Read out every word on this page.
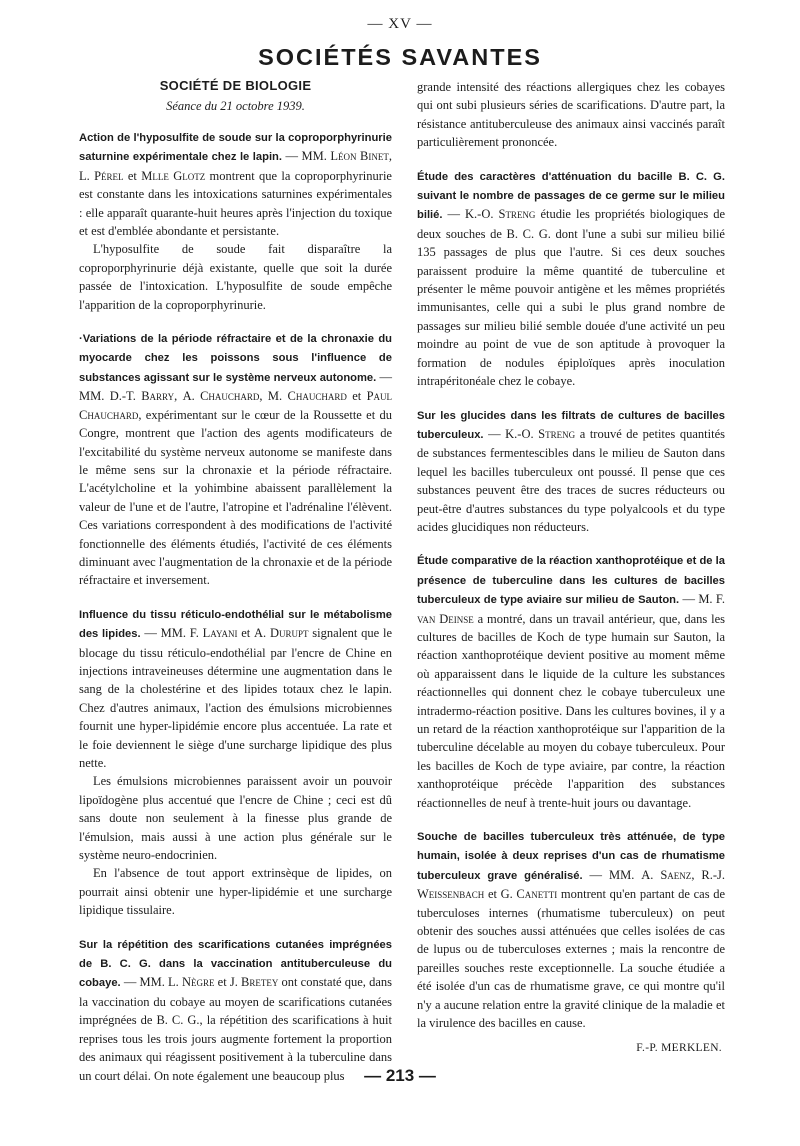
— XV —
SOCIÉTÉS SAVANTES
SOCIÉTÉ DE BIOLOGIE
Séance du 21 octobre 1939.

Action de l'hyposulfite de soude sur la coproporphyrinurie saturnine expérimentale chez le lapin. — MM. Léon Binet, L. Pérel et Mlle Glotz montrent que la coproporphyrinurie est constante dans les intoxications saturnines expérimentales : elle apparaît quarante-huit heures après l'injection du toxique et est d'emblée abondante et persistante.

L'hyposulfite de soude fait disparaître la coproporphyrinurie déjà existante, quelle que soit la durée passée de l'intoxication. L'hyposulfite de soude empêche l'apparition de la coproporphyrinurie.

·Variations de la période réfractaire et de la chronaxie du myocarde chez les poissons sous l'influence de substances agissant sur le système nerveux autonome. — MM. D.-T. Barry, A. Chauchard, M. Chauchard et Paul Chauchard, expérimentant sur le cœur de la Roussette et du Congre, montrent que l'action des agents modificateurs de l'excitabilité du système nerveux autonome se manifeste dans le même sens sur la chronaxie et la période réfractaire. L'acétylcholine et la yohimbine abaissent parallèlement la valeur de l'une et de l'autre, l'atropine et l'adrénaline l'élèvent. Ces variations correspondent à des modifications de l'activité fonctionnelle des éléments étudiés, l'activité de ces éléments diminuant avec l'augmentation de la chronaxie et de la période réfractaire et inversement.

Influence du tissu réticulo-endothélial sur le métabolisme des lipides. — MM. F. Layani et A. Durupt signalent que le blocage du tissu réticulo-endothélial par l'encre de Chine en injections intraveineuses détermine une augmentation dans le sang de la cholestérine et des lipides totaux chez le lapin. Chez d'autres animaux, l'action des émulsions microbiennes fournit une hyper-lipidémie encore plus accentuée. La rate et le foie deviennent le siège d'une surcharge lipidique des plus nette.

Les émulsions microbiennes paraissent avoir un pouvoir lipoïdogène plus accentué que l'encre de Chine ; ceci est dû sans doute non seulement à la finesse plus grande de l'émulsion, mais aussi à une action plus générale sur le système neuro-endocrinien.

En l'absence de tout apport extrinsèque de lipides, on pourrait ainsi obtenir une hyper-lipidémie et une surcharge lipidique tissulaire.

Sur la répétition des scarifications cutanées imprégnées de B. C. G. dans la vaccination antituberculeuse du cobaye. — MM. L. Nègre et J. Bretey ont constaté que, dans la vaccination du cobaye au moyen de scarifications cutanées imprégnées de B. C. G., la répétition des scarifications à huit reprises tous les trois jours augmente fortement la proportion des animaux qui réagissent positivement à la tuberculine dans un court délai. On note également une beaucoup plus

grande intensité des réactions allergiques chez les cobayes qui ont subi plusieurs séries de scarifications. D'autre part, la résistance antituberculeuse des animaux ainsi vaccinés paraît particulièrement prononcée.

Étude des caractères d'atténuation du bacille B. C. G. suivant le nombre de passages de ce germe sur le milieu bilié. — K.-O. Streng étudie les propriétés biologiques de deux souches de B. C. G. dont l'une a subi sur milieu bilié 135 passages de plus que l'autre. Si ces deux souches paraissent produire la même quantité de tuberculine et présenter le même pouvoir antigène et les mêmes propriétés immunisantes, celle qui a subi le plus grand nombre de passages sur milieu bilié semble douée d'une activité un peu moindre au point de vue de son aptitude à provoquer la formation de nodules épiploïques après inoculation intrapéritonéale chez le cobaye.

Sur les glucides dans les filtrats de cultures de bacilles tuberculeux. — K.-O. Streng a trouvé de petites quantités de substances fermentescibles dans le milieu de Sauton dans lequel les bacilles tuberculeux ont poussé. Il pense que ces substances peuvent être des traces de sucres réducteurs ou peut-être d'autres substances du type polyalcools et du type acides glucidiques non réducteurs.

Étude comparative de la réaction xanthoprotéique et de la présence de tuberculine dans les cultures de bacilles tuberculeux de type aviaire sur milieu de Sauton. — M. F. van Deinse a montré, dans un travail antérieur, que, dans les cultures de bacilles de Koch de type humain sur Sauton, la réaction xanthoprotéique devient positive au moment même où apparaissent dans le liquide de la culture les substances réactionnelles qui donnent chez le cobaye tuberculeux une intradermo-réaction positive. Dans les cultures bovines, il y a un retard de la réaction xanthoprotéique sur l'apparition de la tuberculine décelable au moyen du cobaye tuberculeux. Pour les bacilles de Koch de type aviaire, par contre, la réaction xanthoprotéique précède l'apparition des substances réactionnelles de neuf à trente-huit jours ou davantage.

Souche de bacilles tuberculeux très atténuée, de type humain, isolée à deux reprises d'un cas de rhumatisme tuberculeux grave généralisé. — MM. A. Saenz, R.-J. Weissenbach et G. Canetti montrent qu'en partant de cas de tuberculoses internes (rhumatisme tuberculeux) on peut obtenir des souches aussi atténuées que celles isolées de cas de lupus ou de tuberculoses externes ; mais la rencontre de pareilles souches reste exceptionnelle. La souche étudiée a été isolée d'un cas de rhumatisme grave, ce qui montre qu'il n'y a aucune relation entre la gravité clinique de la maladie et la virulence des bacilles en cause.

F.-P. MERKLEN.
— 213 —
